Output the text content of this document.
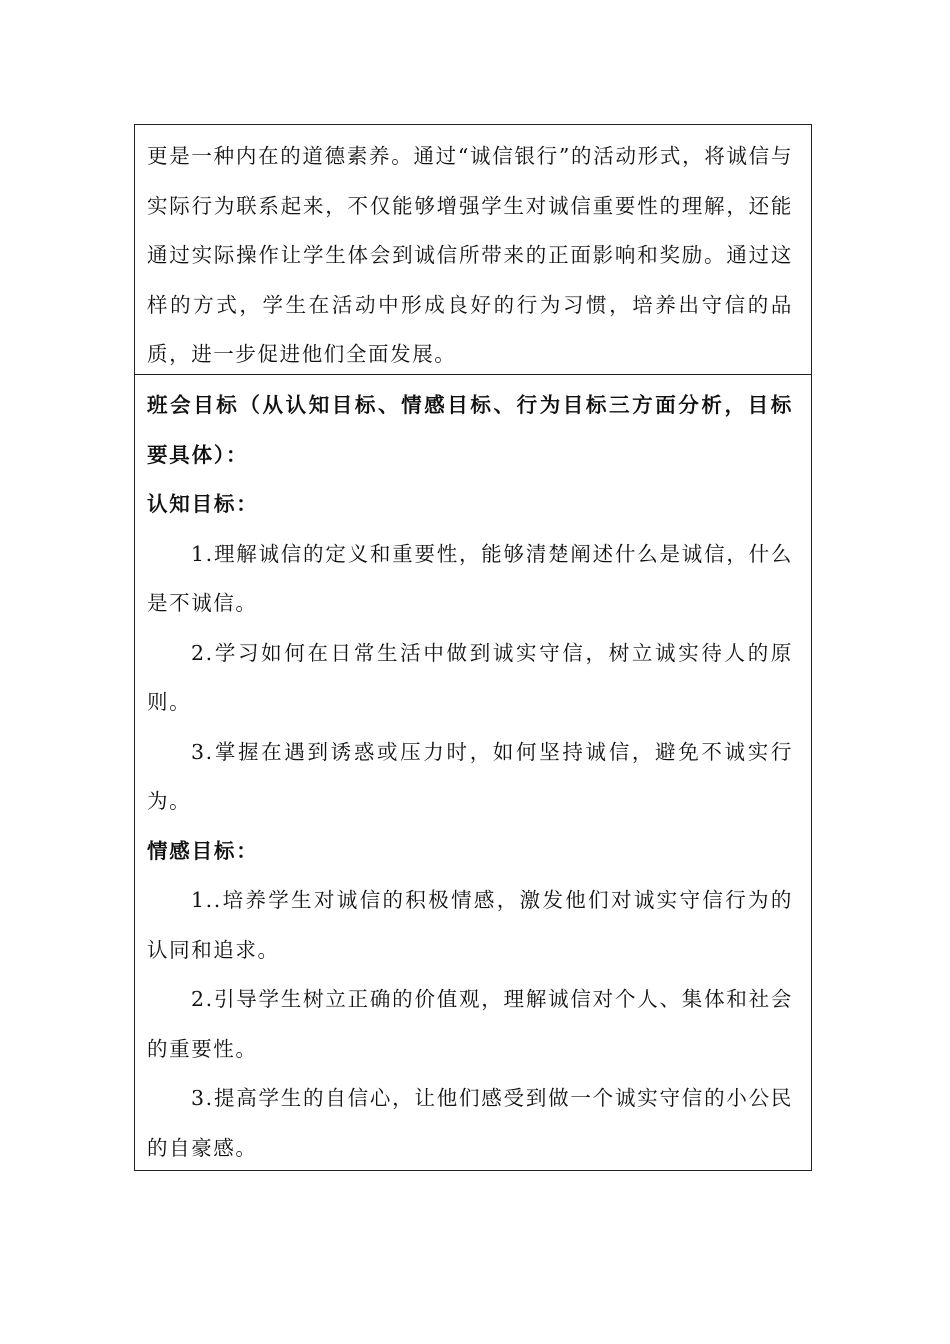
更是一种内在的道德素养。通过“诚信银行”的活动形式，将诚信与实际行为联系起来，不仅能够增强学生对诚信重要性的理解，还能通过实际操作让学生体会到诚信所带来的正面影响和奖励。通过这样的方式，学生在活动中形成良好的行为习惯，培养出守信的品质，进一步促进他们全面发展。

班会目标（从认知目标、情感目标、行为目标三方面分析，目标要具体）：

认知目标：

1.理解诚信的定义和重要性，能够清楚阐述什么是诚信，什么是不诚信。

2.学习如何在日常生活中做到诚实守信，树立诚实待人的原则。

3.掌握在遇到诱惑或压力时，如何坚持诚信，避免不诚实行为。

情感目标：

1..培养学生对诚信的积极情感，激发他们对诚实守信行为的认同和追求。

2.引导学生树立正确的价值观，理解诚信对个人、集体和社会的重要性。

3.提高学生的自信心，让他们感受到做一个诚实守信的小公民的自豪感。
